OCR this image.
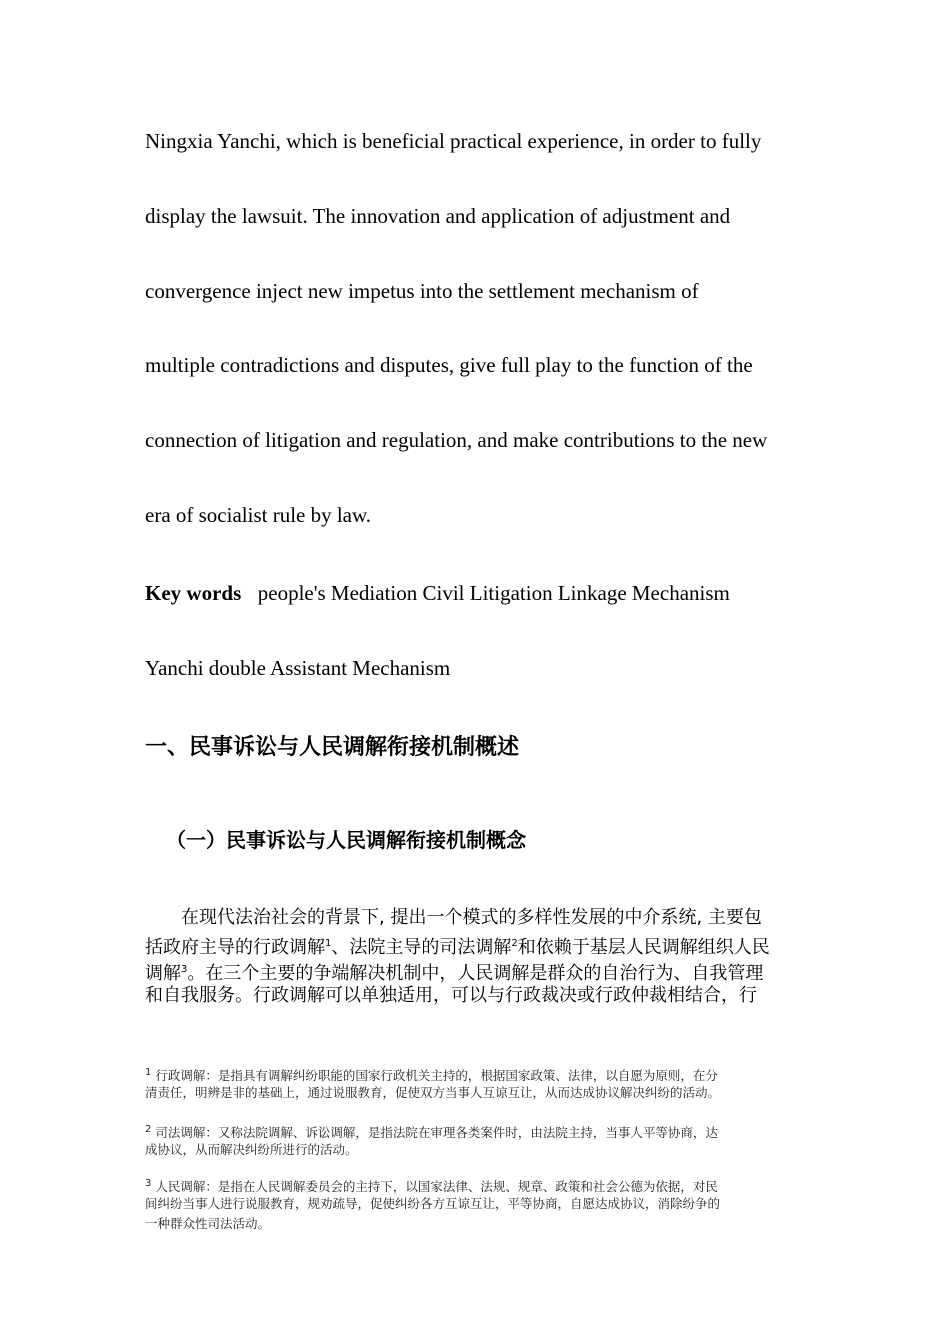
Ningxia Yanchi, which is beneficial practical experience, in order to fully
display the lawsuit. The innovation and application of adjustment and
convergence inject new impetus into the settlement mechanism of
multiple contradictions and disputes, give full play to the function of the
connection of litigation and regulation, and make contributions to the new
era of socialist rule by law.
Key words people's Mediation Civil Litigation Linkage Mechanism
Yanchi double Assistant Mechanism
一、民事诉讼与人民调解衔接机制概述
（一）民事诉讼与人民调解衔接机制概念
在现代法治社会的背景下, 提出一个模式的多样性发展的中介系统, 主要包
括政府主导的行政调解$^1$、法院主导的司法调解$^2$和依赖于基层人民调解组织人民
调解$^3$。在三个主要的争端解决机制中，人民调解是群众的自治行为、自我管理
和自我服务。行政调解可以单独适用，可以与行政裁决或行政仲裁相结合，行
$^1$ 行政调解：是指具有调解纠纷职能的国家行政机关主持的，根据国家政策、法律，以自愿为原则，在分
清责任，明辨是非的基础上，通过说服教育，促使双方当事人互谅互让，从而达成协议解决纠纷的活动。
$^2$ 司法调解：又称法院调解、诉讼调解，是指法院在审理各类案件时，由法院主持，当事人平等协商，达
成协议，从而解决纠纷所进行的活动。
$^3$ 人民调解：是指在人民调解委员会的主持下，以国家法律、法规、规章、政策和社会公德为依据，对民
间纠纷当事人进行说服教育，规劝疏导，促使纠纷各方互谅互让，平等协商，自愿达成协议，消除纷争的
一种群众性司法活动。
